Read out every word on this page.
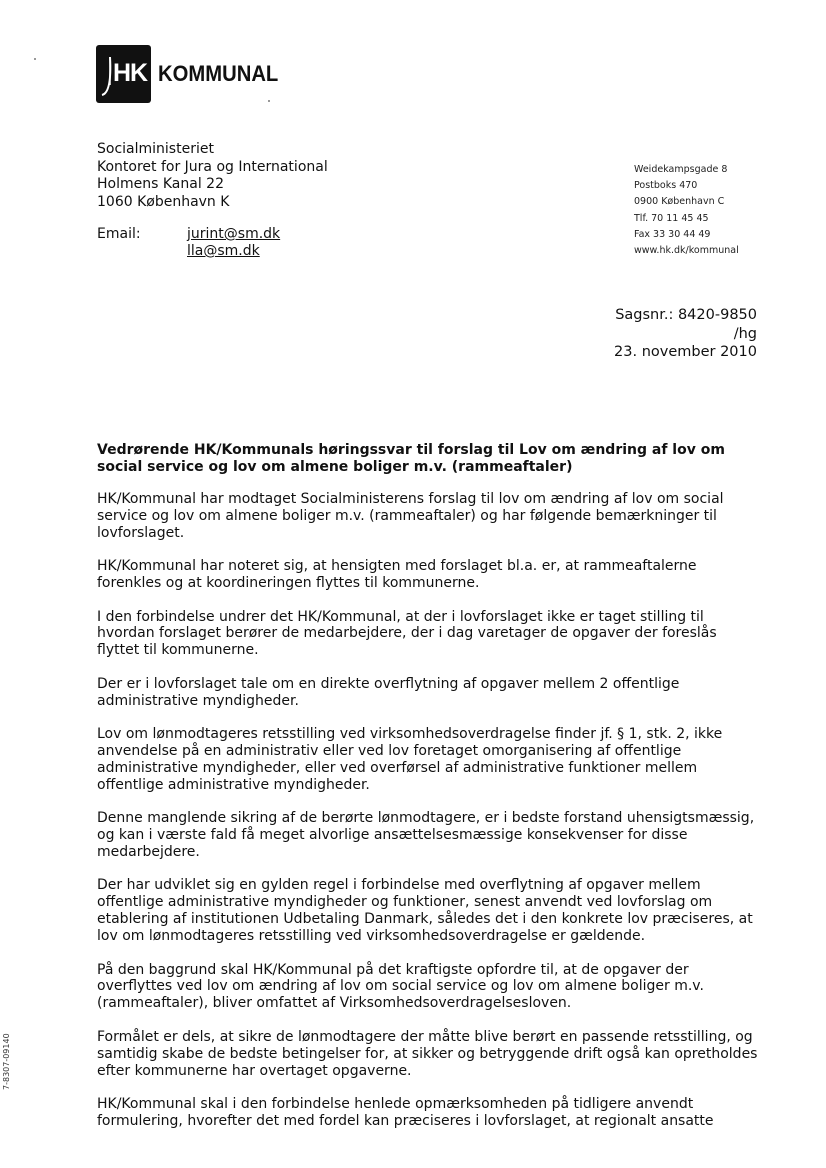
HK KOMMUNAL
Socialministeriet
Kontoret for Jura og International
Holmens Kanal 22
1060 København K
Email:	jurint@sm.dk
lla@sm.dk
Weidekampsgade 8
Postboks 470
0900 København C
Tlf. 70 11 45 45
Fax 33 30 44 49
www.hk.dk/kommunal
Sagsnr.: 8420-9850
/hg
23. november 2010
Vedrørende HK/Kommunals høringssvar til forslag til Lov om ændring af lov om social service og lov om almene boliger m.v. (rammeaftaler)

HK/Kommunal har modtaget Socialministerens forslag til lov om ændring af lov om social service og lov om almene boliger m.v. (rammeaftaler) og har følgende bemærkninger til lovforslaget.

HK/Kommunal har noteret sig, at hensigten med forslaget bl.a. er, at rammeaftalerne forenkles og at koordineringen flyttes til kommunerne.

I den forbindelse undrer det HK/Kommunal, at der i lovforslaget ikke er taget stilling til hvordan forslaget berører de medarbejdere, der i dag varetager de opgaver der foreslås flyttet til kommunerne.

Der er i lovforslaget tale om en direkte overflytning af opgaver mellem 2 offentlige administrative myndigheder.

Lov om lønmodtageres retsstilling ved virksomhedsoverdragelse finder jf. § 1, stk. 2, ikke anvendelse på en administrativ eller ved lov foretaget omorganisering af offentlige administrative myndigheder, eller ved overførsel af administrative funktioner mellem offentlige administrative myndigheder.

Denne manglende sikring af de berørte lønmodtagere, er i bedste forstand uhensigtsmæssig, og kan i værste fald få meget alvorlige ansættelsesmæssige konsekvenser for disse medarbejdere.

Der har udviklet sig en gylden regel i forbindelse med overflytning af opgaver mellem offentlige administrative myndigheder og funktioner, senest anvendt ved lovforslag om etablering af institutionen Udbetaling Danmark, således det i den konkrete lov præciseres, at lov om lønmodtageres retsstilling ved virksomhedsoverdragelse er gældende.

På den baggrund skal HK/Kommunal på det kraftigste opfordre til, at de opgaver der overflyttes ved lov om ændring af lov om social service og lov om almene boliger m.v. (rammeaftaler), bliver omfattet af Virksomhedsoverdragelsesloven.

Formålet er dels, at sikre de lønmodtagere der måtte blive berørt en passende retsstilling, og samtidig skabe de bedste betingelser for, at sikker og betryggende drift også kan opretholdes efter kommunerne har overtaget opgaverne.

HK/Kommunal skal i den forbindelse henlede opmærksomheden på tidligere anvendt formulering, hvorefter det med fordel kan præciseres i lovforslaget, at regionalt ansatte

7-8307-09140
